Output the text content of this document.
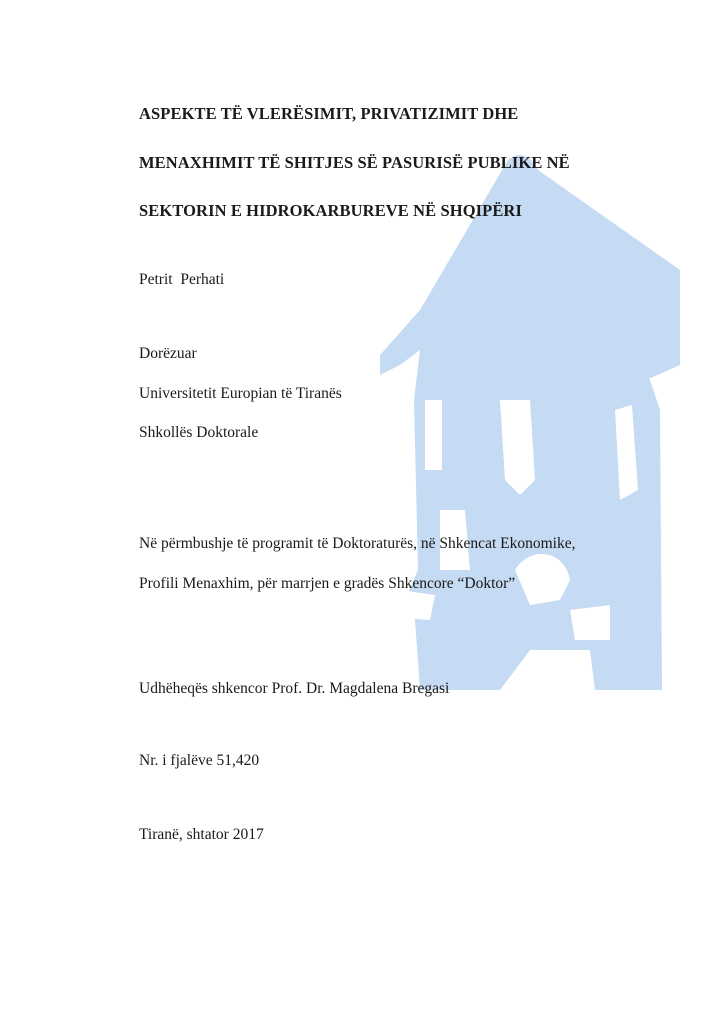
ASPEKTE TË VLERËSIMIT, PRIVATIZIMIT DHE
MENAXHIMIT TË SHITJES SË PASURISË PUBLIKE NË
SEKTORIN E HIDROKARBUREVE NË SHQIPËRI
Petrit  Perhati
Dorëzuar
Universitetit Europian të Tiranës
Shkollës Doktorale
Në përmbushje të programit të Doktoraturës, në Shkencat Ekonomike,
Profili Menaxhim, për marrjen e gradës Shkencore “Doktor”
Udhëheqës shkencor Prof. Dr. Magdalena Bregasi
Nr. i fjalëve 51,420
Tiranë, shtator 2017
